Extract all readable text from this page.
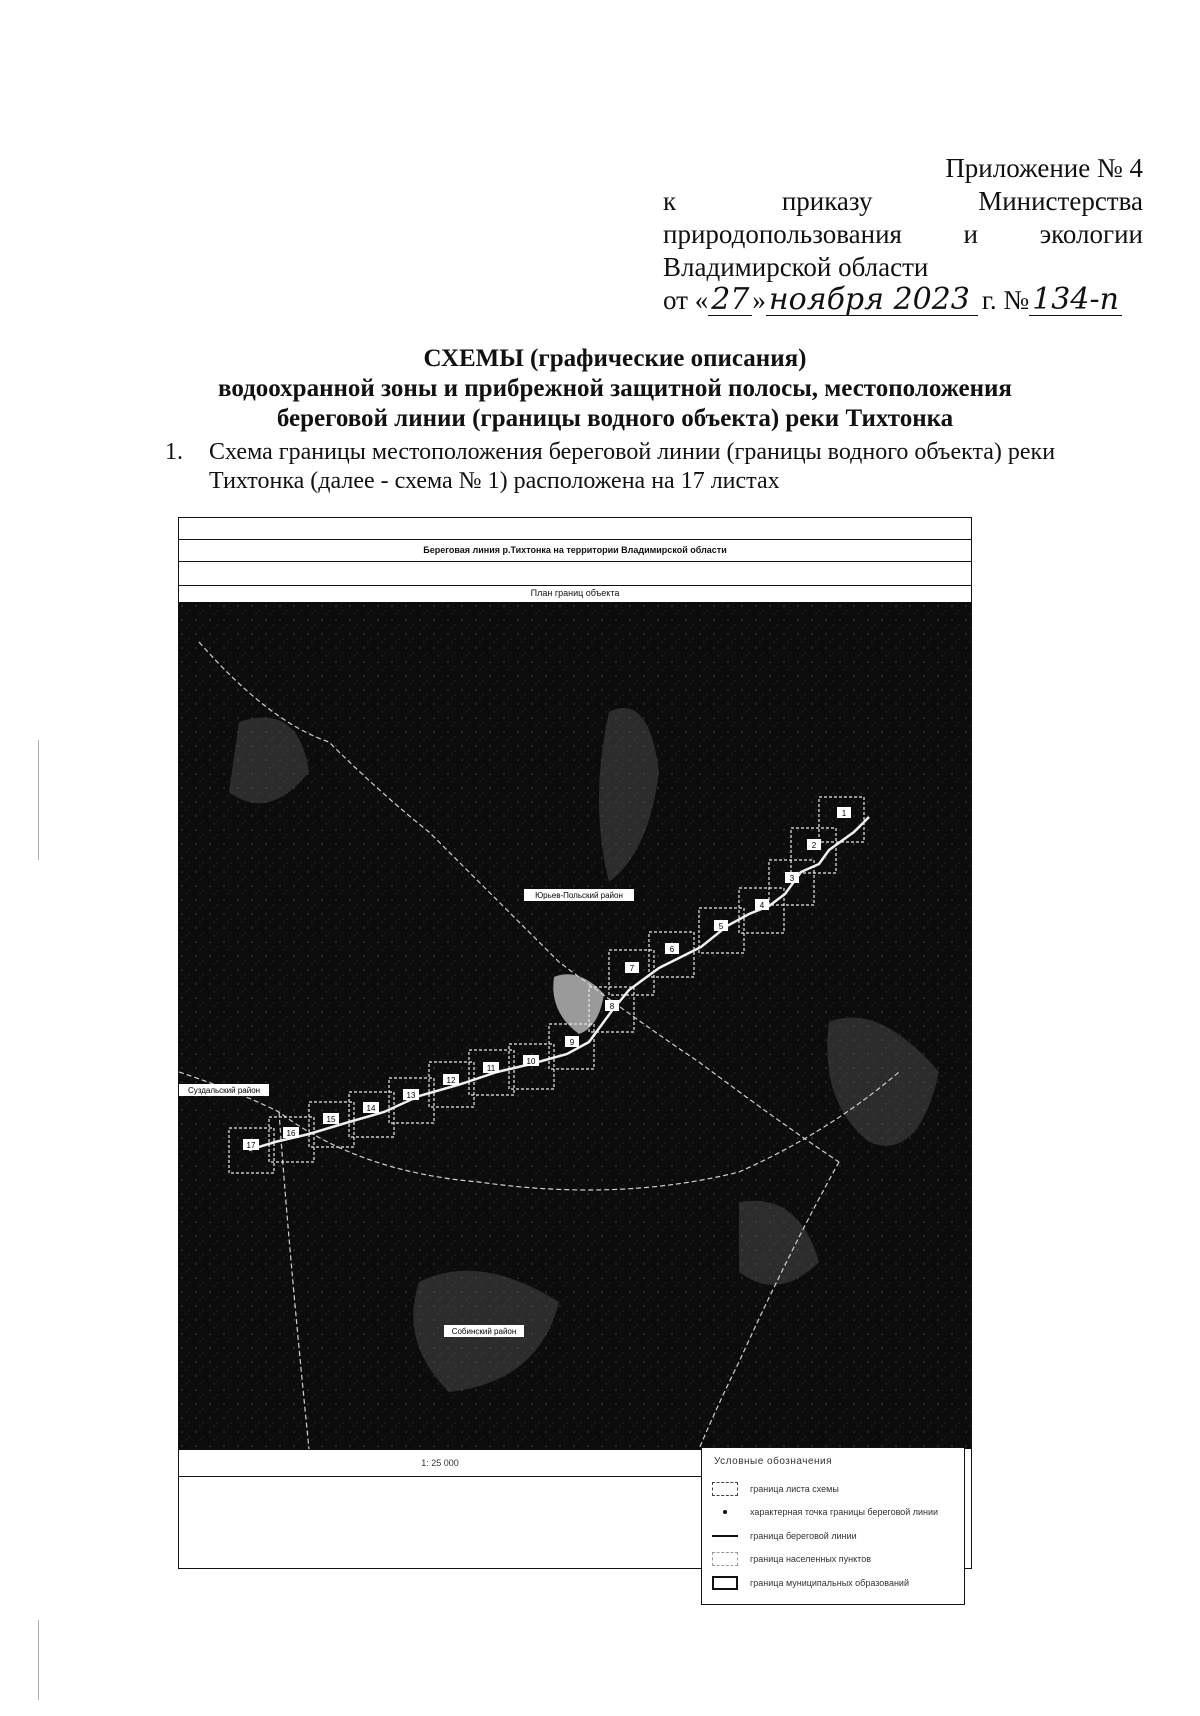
Приложение № 4
к	приказу	Министерства
природопользования и экологии
Владимирской области
от « 27 » ноября 2023 г. № 134-п
СХЕМЫ (графические описания)
водоохранной зоны и прибрежной защитной полосы, местоположения
береговой линии (границы водного объекта) реки Тихтонка
1. Схема границы местоположения береговой линии (границы водного объекта) реки Тихтонка (далее - схема № 1) расположена на 17 листах
Береговая линия р.Тихтонка на территории Владимирской области
План границ объекта
1
2
3
4
5
6
7
8
9
10
11
12
13
14
15
16
17
Юрьев-Польский район
Суздальский район
Собинский район
1: 25 000	Условные обозначения
граница листа схемы
характерная точка границы береговой линии
граница береговой линии
граница населенных пунктов
граница муниципальных образований
